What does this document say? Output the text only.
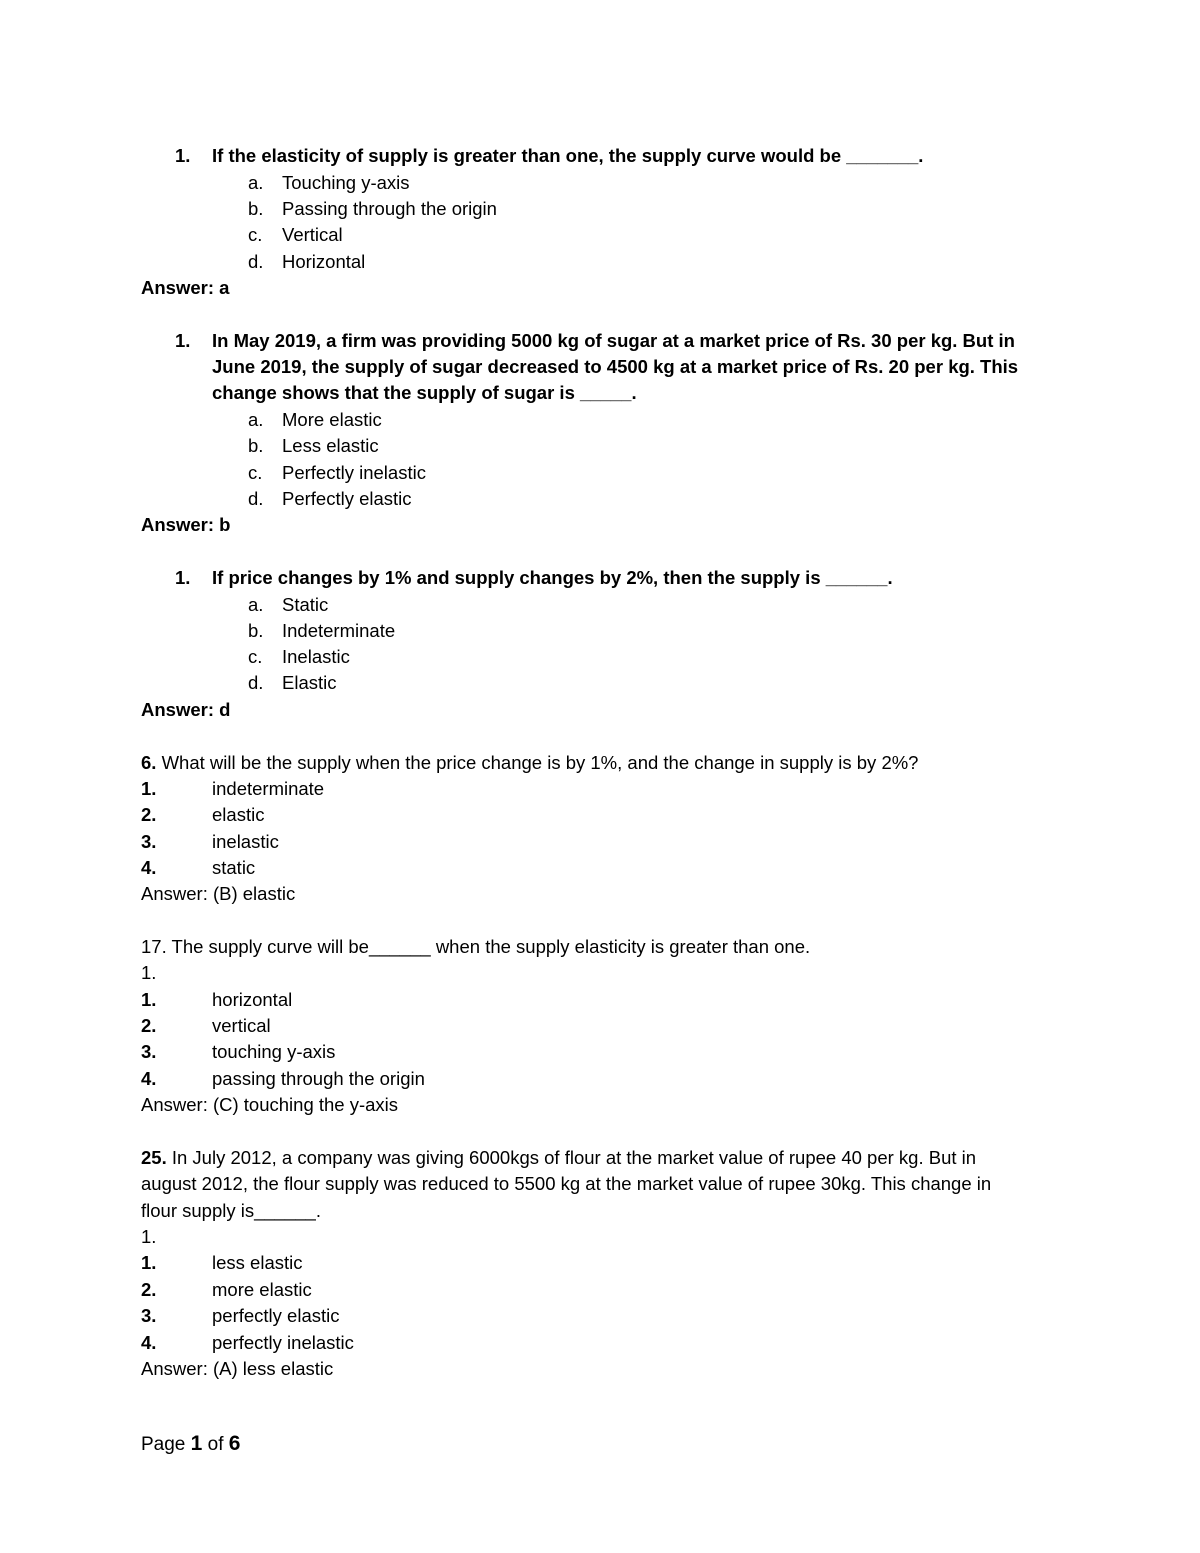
1. If the elasticity of supply is greater than one, the supply curve would be _______.
a. Touching y-axis
b. Passing through the origin
c. Vertical
d. Horizontal
Answer: a
1. In May 2019, a firm was providing 5000 kg of sugar at a market price of Rs. 30 per kg. But in
June 2019, the supply of sugar decreased to 4500 kg at a market price of Rs. 20 per kg. This
change shows that the supply of sugar is _____.
a. More elastic
b. Less elastic
c. Perfectly inelastic
d. Perfectly elastic
Answer: b
1. If price changes by 1% and supply changes by 2%, then the supply is ______.
a. Static
b. Indeterminate
c. Inelastic
d. Elastic
Answer: d
6. What will be the supply when the price change is by 1%, and the change in supply is by 2%?
1.	indeterminate
2.	elastic
3.	inelastic
4.	static
Answer: (B) elastic
17. The supply curve will be______ when the supply elasticity is greater than one.
1.
1.	horizontal
2.	vertical
3.	touching y-axis
4.	passing through the origin
Answer: (C) touching the y-axis
25. In July 2012, a company was giving 6000kgs of flour at the market value of rupee 40 per kg. But in
august 2012, the flour supply was reduced to 5500 kg at the market value of rupee 30kg. This change in
flour supply is______.
1.
1.	less elastic
2.	more elastic
3.	perfectly elastic
4.	perfectly inelastic
Answer: (A) less elastic
Page 1 of 6
